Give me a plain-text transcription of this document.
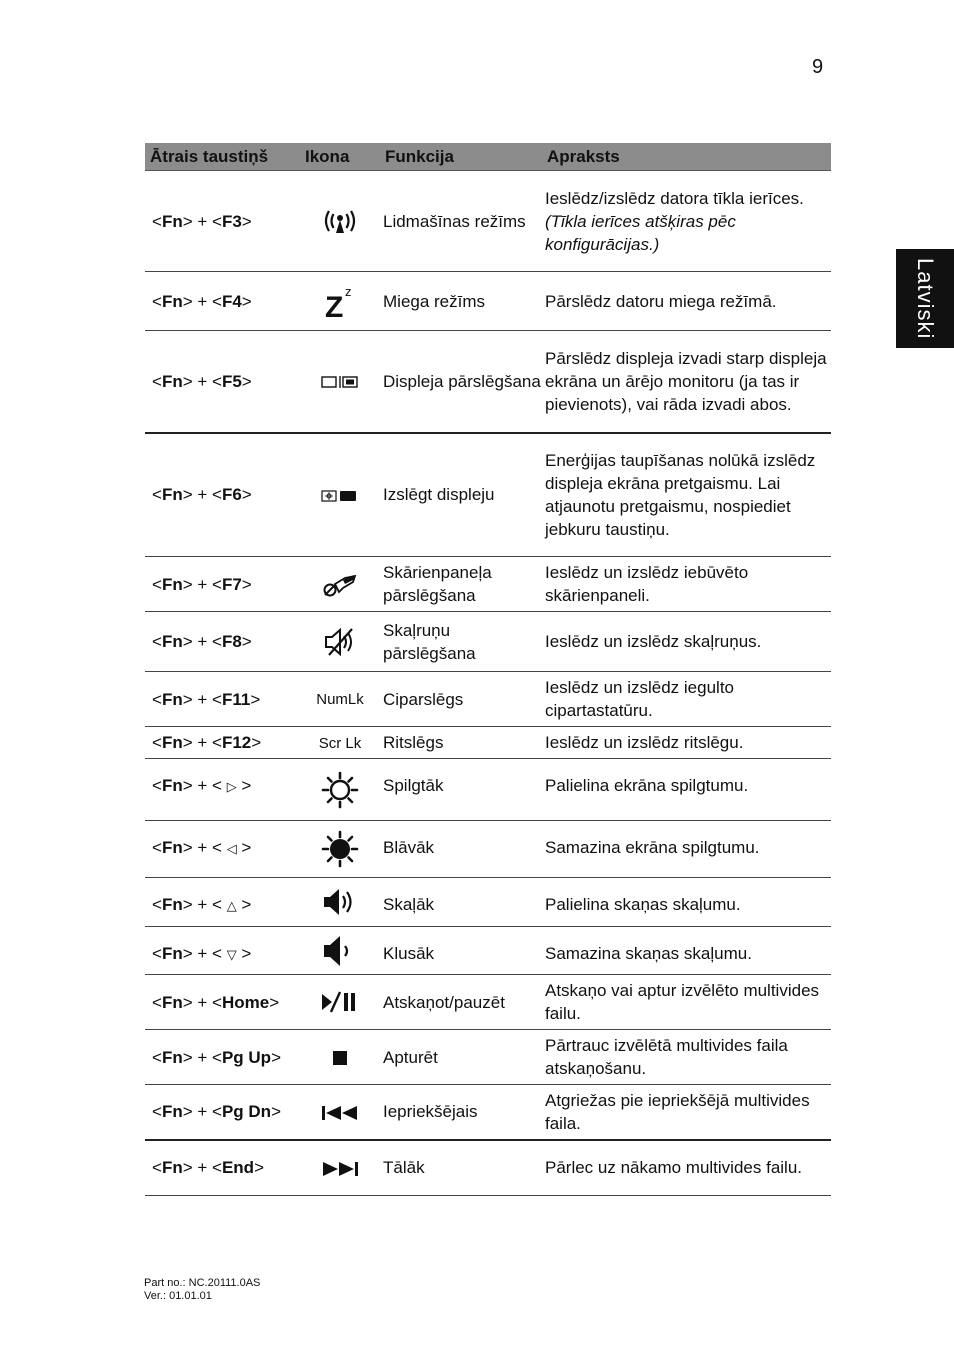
9
Latviski
Ātrais taustiņš	Ikona	Funkcija	Apraksts
<Fn> + <F3>		Lidmašīnas režīms	Ieslēdz/izslēdz datora tīkla ierīces.
(Tīkla ierīces atšķiras pēc konfigurācijas.)
<Fn> + <F4>	Z z	Miega režīms	Pārslēdz datoru miega režīmā.
<Fn> + <F5>		Displeja pārslēgšana	Pārslēdz displeja izvadi starp displeja ekrāna un ārējo monitoru (ja tas ir pievienots), vai rāda izvadi abos.
<Fn> + <F6>		Izslēgt displeju	Enerģijas taupīšanas nolūkā izslēdz displeja ekrāna pretgaismu. Lai atjaunotu pretgaismu, nospiediet jebkuru taustiņu.
<Fn> + <F7>		Skārienpaneļa pārslēgšana	Ieslēdz un izslēdz iebūvēto skārienpaneli.
<Fn> + <F8>		Skaļruņu pārslēgšana	Ieslēdz un izslēdz skaļruņus.
<Fn> + <F11>	NumLk	Ciparslēgs	Ieslēdz un izslēdz iegulto cipartastatūru.
<Fn> + <F12>	Scr Lk	Ritslēgs	Ieslēdz un izslēdz ritslēgu.
<Fn> + < ▷ >		Spilgtāk	Palielina ekrāna spilgtumu.
<Fn> + < ◁ >		Blāvāk	Samazina ekrāna spilgtumu.
<Fn> + < △ >		Skaļāk	Palielina skaņas skaļumu.
<Fn> + < ▽ >		Klusāk	Samazina skaņas skaļumu.
<Fn> + <Home>		Atskaņot/pauzēt	Atskaņo vai aptur izvēlēto multivides failu.
<Fn> + <Pg Up>		Apturēt	Pārtrauc izvēlētā multivides faila atskaņošanu.
<Fn> + <Pg Dn>		Iepriekšējais	Atgriežas pie iepriekšējā multivides faila.
<Fn> + <End>		Tālāk	Pārlec uz nākamo multivides failu.
Part no.: NC.20111.0AS
Ver.: 01.01.01
